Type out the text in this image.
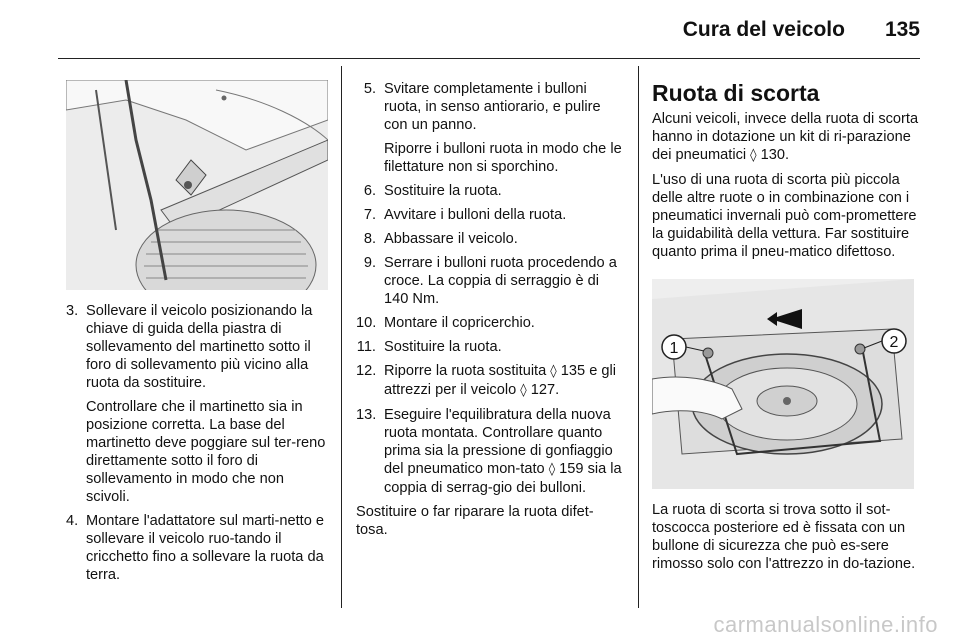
Cura del veicolo 135
3. Sollevare il veicolo posizionando la chiave di guida della piastra di sollevamento del martinetto sotto il foro di sollevamento più vicino alla ruota da sostituire.

Controllare che il martinetto sia in posizione corretta. La base del martinetto deve poggiare sul ter-reno direttamente sotto il foro di sollevamento in modo che non scivoli.

4. Montare l'adattatore sul marti-netto e sollevare il veicolo ruo-tando il cricchetto fino a sollevare la ruota da terra.
5. Svitare completamente i bulloni ruota, in senso antiorario, e pulire con un panno.

Riporre i bulloni ruota in modo che le filettature non si sporchino.

6. Sostituire la ruota.
7. Avvitare i bulloni della ruota.
8. Abbassare il veicolo.
9. Serrare i bulloni ruota procedendo a croce. La coppia di serraggio è di 140 Nm.
10. Montare il copricerchio.
11. Sostituire la ruota.
12. Riporre la ruota sostituita ◊ 135 e gli attrezzi per il veicolo ◊ 127.
13. Eseguire l'equilibratura della nuova ruota montata. Controllare quanto prima sia la pressione di gonfiaggio del pneumatico mon-tato ◊ 159 sia la coppia di serrag-gio dei bulloni.

Sostituire o far riparare la ruota difet-tosa.

Ruota di scorta

Alcuni veicoli, invece della ruota di scorta hanno in dotazione un kit di ri-parazione dei pneumatici ◊ 130.

L'uso di una ruota di scorta più piccola delle altre ruote o in combinazione con i pneumatici invernali può com-promettere la guidabilità della vettura. Far sostituire quanto prima il pneu-matico difettoso.

1	2

La ruota di scorta si trova sotto il sot-toscocca posteriore ed è fissata con un bullone di sicurezza che può es-sere rimosso solo con l'attrezzo in do-tazione.

carmanualsonline.info
